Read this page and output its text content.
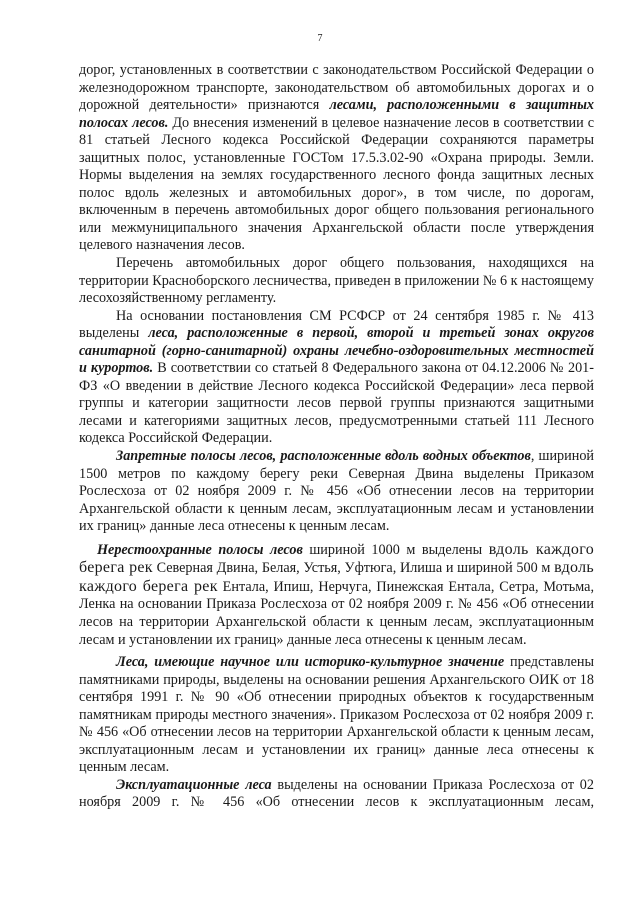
7

дорог, установленных в соответствии с законодательством Российской Федерации о железнодорожном транспорте, законодательством об автомобильных дорогах и о дорожной деятельности» признаются лесами, расположенными в защитных полосах лесов. До внесения изменений в целевое назначение лесов в соответствии с 81 статьей Лесного кодекса Российской Федерации сохраняются параметры защитных полос, установленные ГОСТом 17.5.3.02-90 «Охрана природы. Земли. Нормы выделения на землях государственного лесного фонда защитных лесных полос вдоль железных и автомобильных дорог», в том числе, по дорогам, включенным в перечень автомобильных дорог общего пользования регионального или межмуниципального значения Архангельской области после утверждения целевого назначения лесов.

Перечень автомобильных дорог общего пользования, находящихся на территории Красноборского лесничества, приведен в приложении № 6 к настоящему лесохозяйственному регламенту.

На основании постановления СМ РСФСР от 24 сентября 1985 г. № 413 выделены леса, расположенные в первой, второй и третьей зонах округов санитарной (горно-санитарной) охраны лечебно-оздоровительных местностей и курортов. В соответствии со статьей 8 Федерального закона от 04.12.2006 № 201-ФЗ «О введении в действие Лесного кодекса Российской Федерации» леса первой группы и категории защитности лесов первой группы признаются защитными лесами и категориями защитных лесов, предусмотренными статьей 111 Лесного кодекса Российской Федерации.

Запретные полосы лесов, расположенные вдоль водных объектов, шириной 1500 метров по каждому берегу реки Северная Двина выделены Приказом Рослесхоза от 02 ноября 2009 г. № 456 «Об отнесении лесов на территории Архангельской области к ценным лесам, эксплуатационным лесам и установлении их границ» данные леса отнесены к ценным лесам.

Нерестоохранные полосы лесов шириной 1000 м выделены вдоль каждого берега рек Северная Двина, Белая, Устья, Уфтюга, Илиша и шириной 500 м вдоль каждого берега рек Ентала, Ипиш, Нерчуга, Пинежская Ентала, Сетра, Мотьма, Ленка на основании Приказа Рослесхоза от 02 ноября 2009 г. № 456 «Об отнесении лесов на территории Архангельской области к ценным лесам, эксплуатационным лесам и установлении их границ» данные леса отнесены к ценным лесам.

Леса, имеющие научное или историко-культурное значение представлены памятниками природы, выделены на основании решения Архангельского ОИК от 18 сентября 1991 г. № 90 «Об отнесении природных объектов к государственным памятникам природы местного значения». Приказом Рослесхоза от 02 ноября 2009 г. № 456 «Об отнесении лесов на территории Архангельской области к ценным лесам, эксплуатационным лесам и установлении их границ» данные леса отнесены к ценным лесам.

Эксплуатационные леса выделены на основании Приказа Рослесхоза от 02 ноября 2009 г. № 456 «Об отнесении лесов к эксплуатационным лесам,
